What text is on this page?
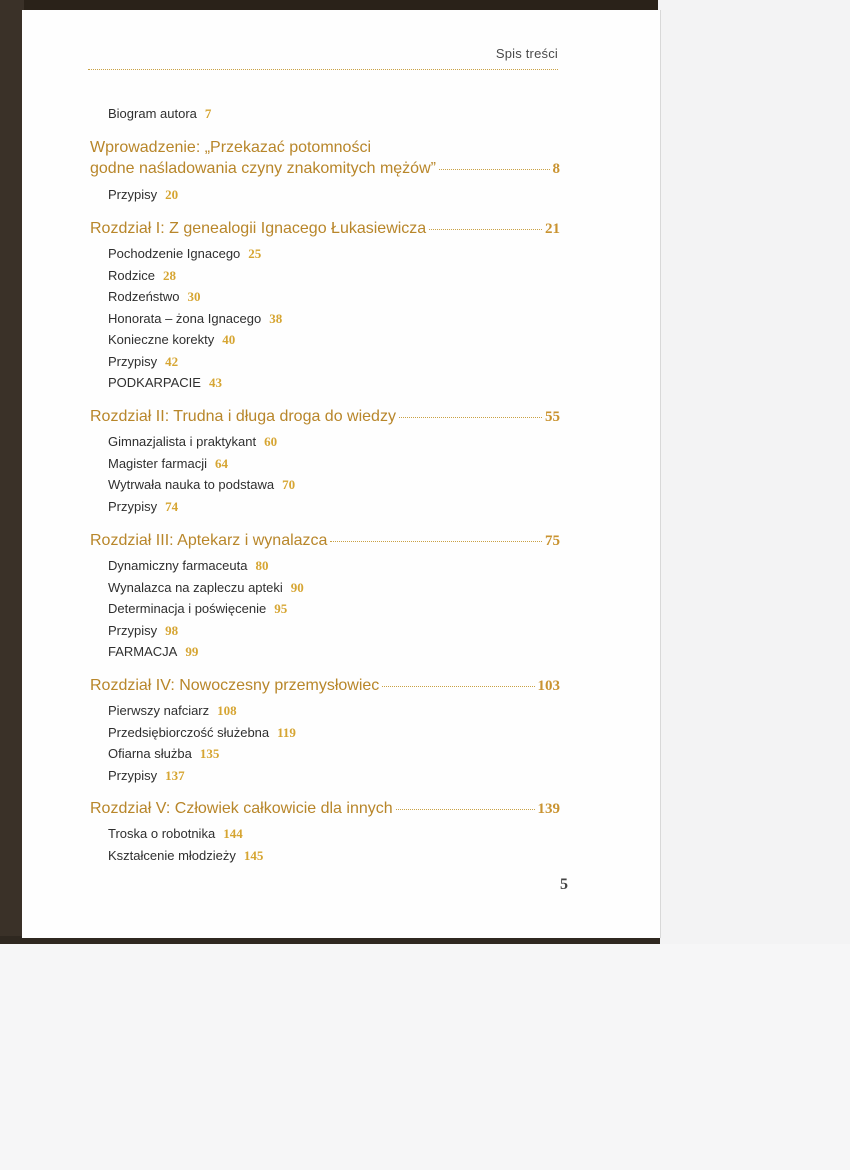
Spis treści
Biogram autora 7
Wprowadzenie: „Przekazać potomności
godne naśladowania czyny znakomitych mężów”	8
Przypisy 20
Rozdział I: Z genealogii Ignacego Łukasiewicza	21
Pochodzenie Ignacego 25
Rodzice 28
Rodzeństwo 30
Honorata – żona Ignacego 38
Konieczne korekty 40
Przypisy 42
PODKARPACIE 43
Rozdział II: Trudna i długa droga do wiedzy	55
Gimnazjalista i praktykant 60
Magister farmacji 64
Wytrwała nauka to podstawa 70
Przypisy 74
Rozdział III: Aptekarz i wynalazca	75
Dynamiczny farmaceuta 80
Wynalazca na zapleczu apteki 90
Determinacja i poświęcenie 95
Przypisy 98
FARMACJA 99
Rozdział IV: Nowoczesny przemysłowiec	103
Pierwszy nafciarz 108
Przedsiębiorczość służebna 119
Ofiarna służba 135
Przypisy 137
Rozdział V: Człowiek całkowicie dla innych	139
Troska o robotnika 144
Kształcenie młodzieży 145
5
